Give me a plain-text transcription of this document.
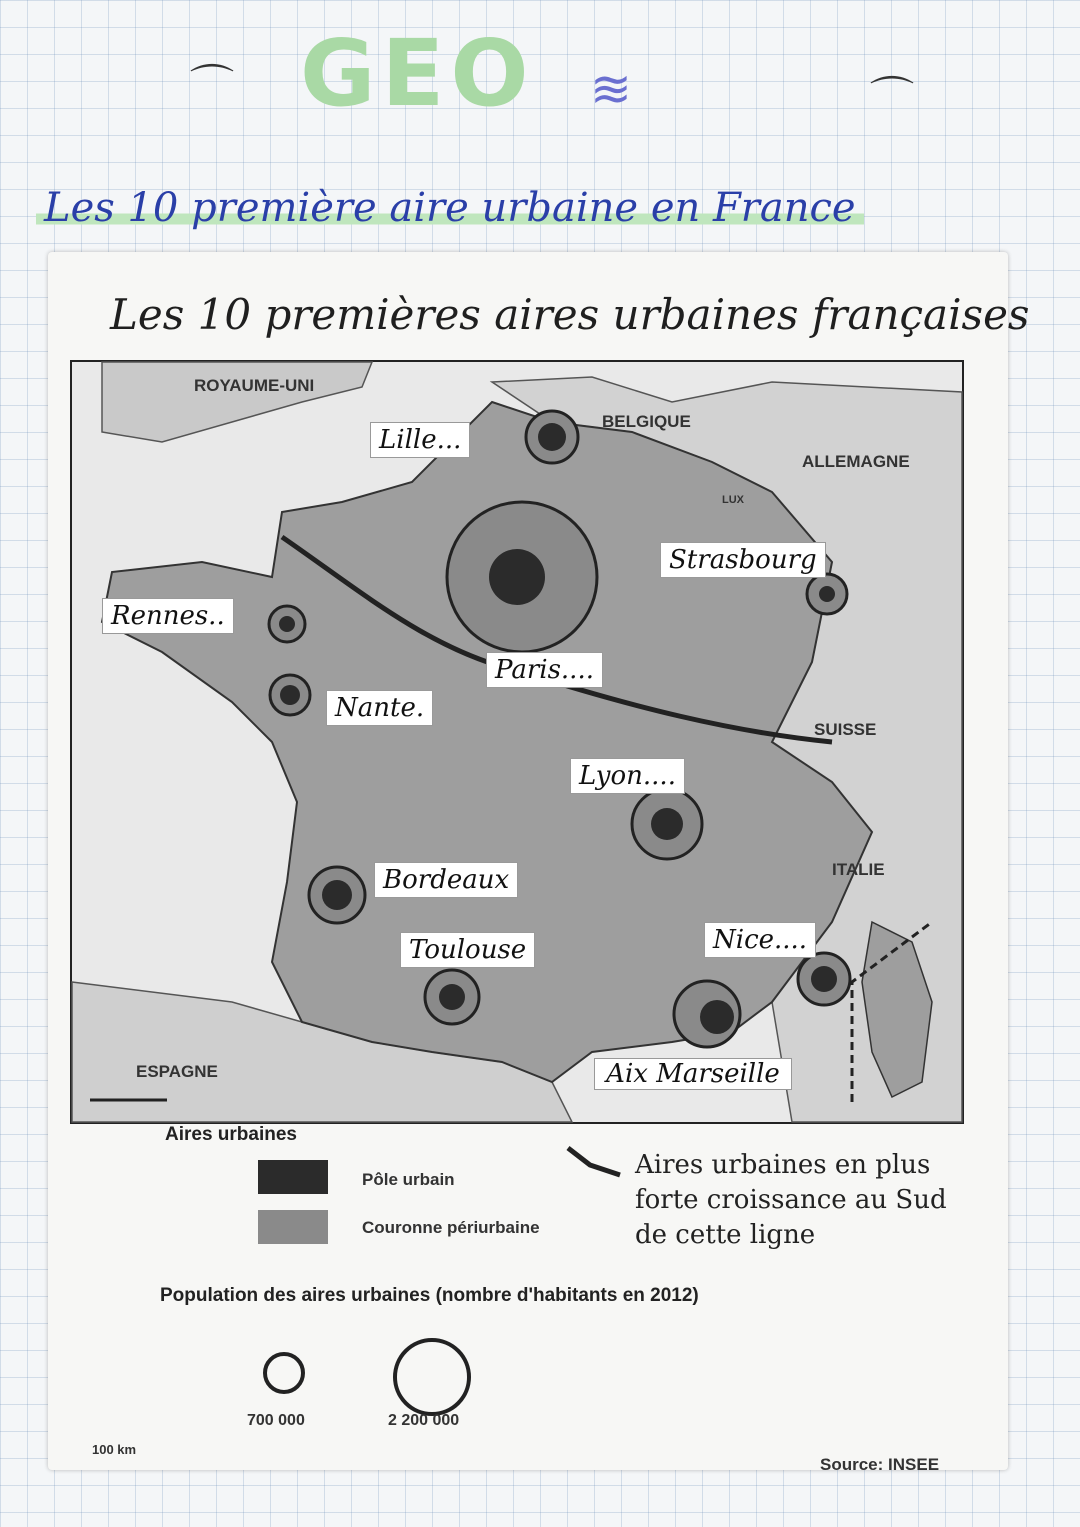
GEO ≋
⌒	⌒
Les 10 première aire urbaine en France
Les 10 premières aires urbaines françaises
ROYAUME-UNI
BELGIQUE
ALLEMAGNE
LUX
SUISSE
ITALIE
ESPAGNE
100 km
Lille...
Strasbourg
Rennes..
Paris....
Nante.
Lyon....
Bordeaux
Toulouse	Nice....
Aix Marseille
Aires urbaines
Pôle urbain
Couronne périurbaine
Aires urbaines en plus forte croissance au Sud de cette ligne
Population des aires urbaines (nombre d'habitants en 2012)
700 000	2 200 000
Source: INSEE
